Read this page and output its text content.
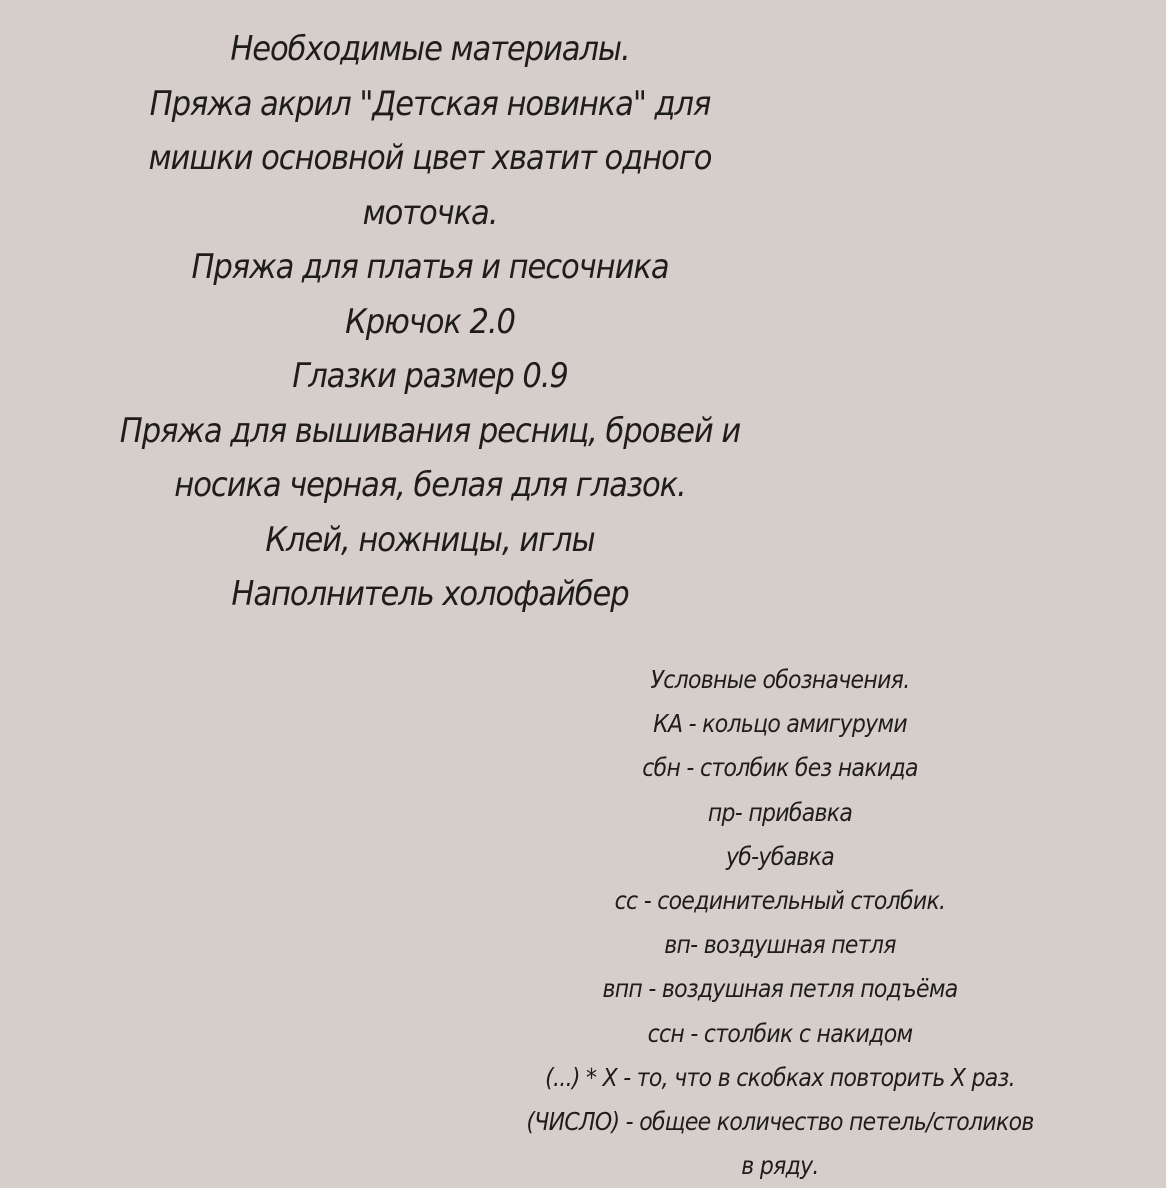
Необходимые материалы.
Пряжа акрил "Детская новинка" для
мишки основной цвет хватит одного
моточка.
Пряжа для платья и песочника
Крючок 2.0
Глазки размер 0.9
Пряжа для вышивания ресниц, бровей и
носика черная, белая для глазок.
Клей, ножницы, иглы
Наполнитель холофайбер
Условные обозначения.
КА - кольцо амигуруми
сбн - столбик без накида
пр- прибавка
уб-убавка
сс - соединительный столбик.
вп- воздушная петля
впп - воздушная петля подъёма
ссн - столбик с накидом
(...) * X - то, что в скобках повторить X раз.
(ЧИСЛО) - общее количество петель/столиков
в ряду.
